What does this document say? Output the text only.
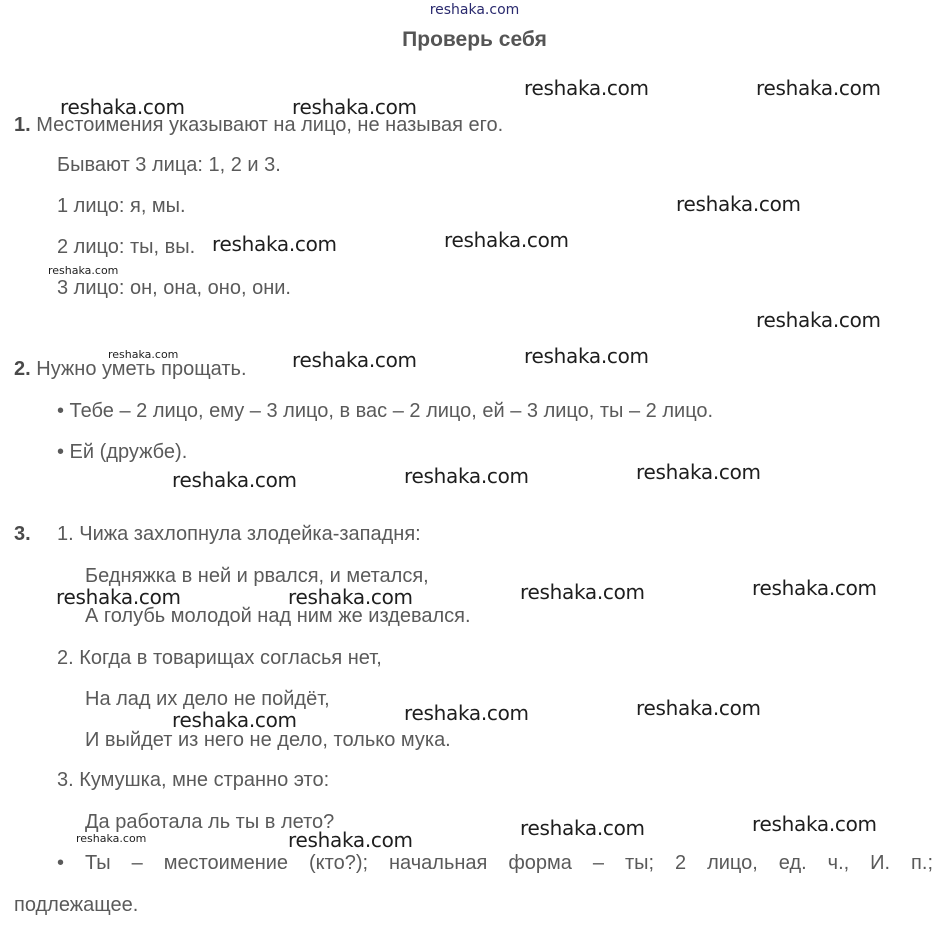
reshaka.com
Проверь себя
1. Местоимения указывают на лицо, не называя его.
Бывают 3 лица: 1, 2 и 3.
1 лицо: я, мы.
2 лицо: ты, вы.
3 лицо: он, она, оно, они.
2. Нужно уметь прощать.
• Тебе – 2 лицо, ему – 3 лицо, в вас – 2 лицо, ей – 3 лицо, ты – 2 лицо.
• Ей (дружбе).
3. 1. Чижа захлопнула злодейка-западня:
Бедняжка в ней и рвался, и метался,
А голубь молодой над ним же издевался.
2. Когда в товарищах согласья нет,
На лад их дело не пойдёт,
И выйдет из него не дело, только мука.
3. Кумушка, мне странно это:
Да работала ль ты в лето?
• Ты – местоимение (кто?); начальная форма – ты; 2 лицо, ед. ч., И. п.;
подлежащее.
reshaka.com	reshaka.com
reshaka.com	reshaka.com
reshaka.com
reshaka.com	reshaka.com
reshaka.com
reshaka.com
reshaka.com	reshaka.com	reshaka.com
reshaka.com	reshaka.com	reshaka.com
reshaka.com	reshaka.com	reshaka.com	reshaka.com
reshaka.com	reshaka.com	reshaka.com
reshaka.com	reshaka.com
reshaka.com	reshaka.com
